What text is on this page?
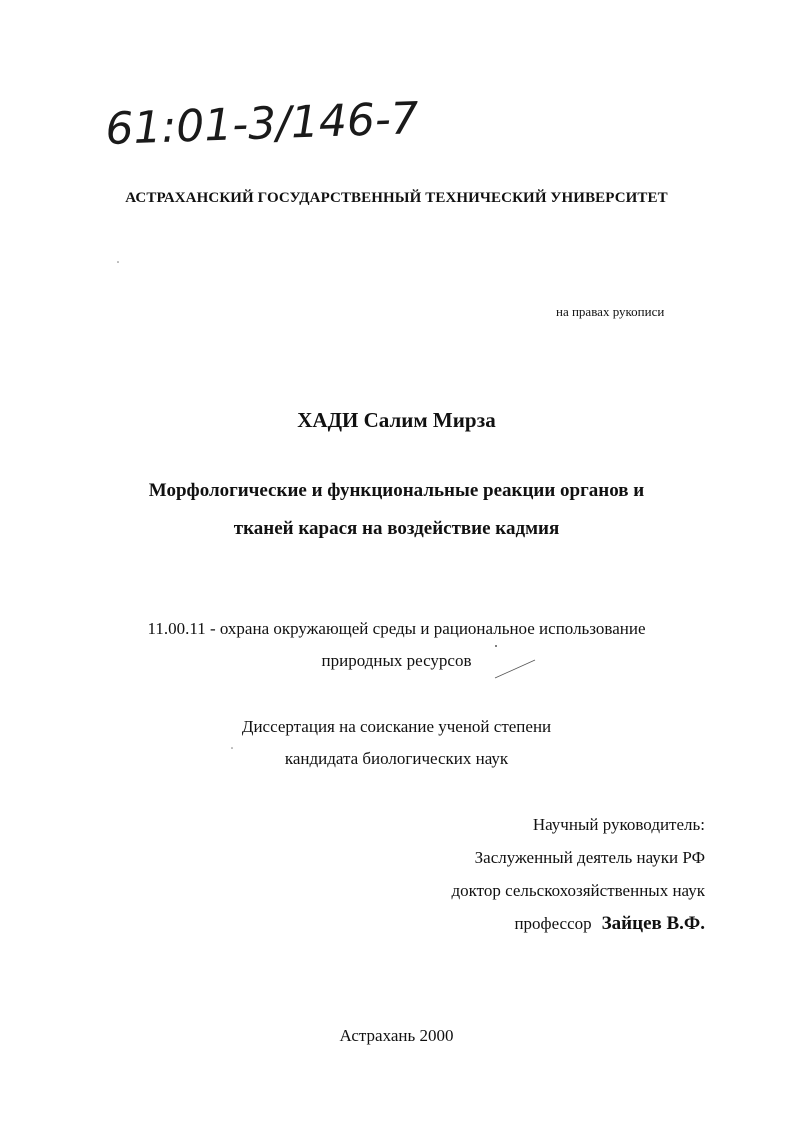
61:01-3/146-7
АСТРАХАНСКИЙ ГОСУДАРСТВЕННЫЙ ТЕХНИЧЕСКИЙ УНИВЕРСИТЕТ
на правах рукописи
ХАДИ Салим Мирза
Морфологические и функциональные реакции органов и
тканей карася на воздействие кадмия
11.00.11 - охрана окружающей среды и рациональное использование
природных ресурсов
Диссертация на соискание ученой степени
кандидата биологических наук
Научный руководитель:
Заслуженный деятель науки РФ
доктор сельскохозяйственных наук
профессор Зайцев В.Ф.
Астрахань 2000
